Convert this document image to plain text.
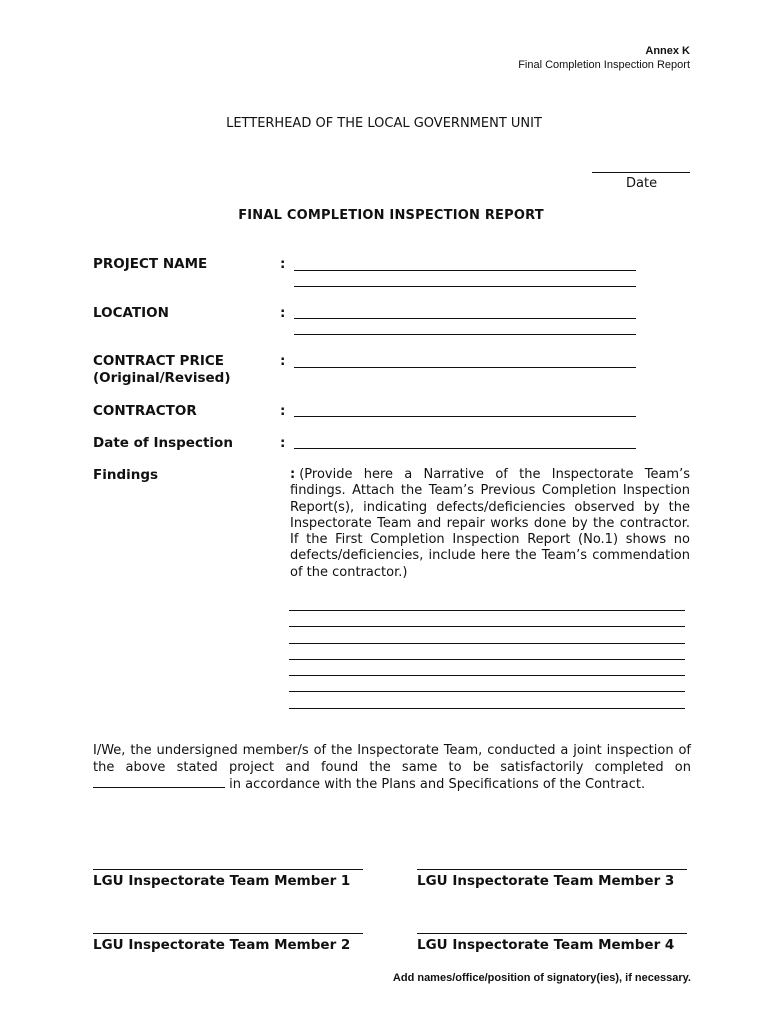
Annex K
Final Completion Inspection Report
LETTERHEAD OF THE LOCAL GOVERNMENT UNIT
Date
FINAL COMPLETION INSPECTION REPORT
PROJECT NAME	:
LOCATION	:
CONTRACT PRICE
(Original/Revised)
:
CONTRACTOR	:
Date of Inspection	:
Findings	: (Provide here a Narrative of the Inspectorate Team’s findings. Attach the Team’s Previous Completion Inspection Report(s), indicating defects/deficiencies observed by the Inspectorate Team and repair works done by the contractor. If the First Completion Inspection Report (No.1) shows no defects/deficiencies, include here the Team’s commendation of the contractor.)
I/We, the undersigned member/s of the Inspectorate Team, conducted a joint inspection of the above stated project and found the same to be satisfactorily completed on  in accordance with the Plans and Specifications of the Contract.
LGU Inspectorate Team Member 1	LGU Inspectorate Team Member 3
LGU Inspectorate Team Member 2	LGU Inspectorate Team Member 4
Add names/office/position of signatory(ies), if necessary.
